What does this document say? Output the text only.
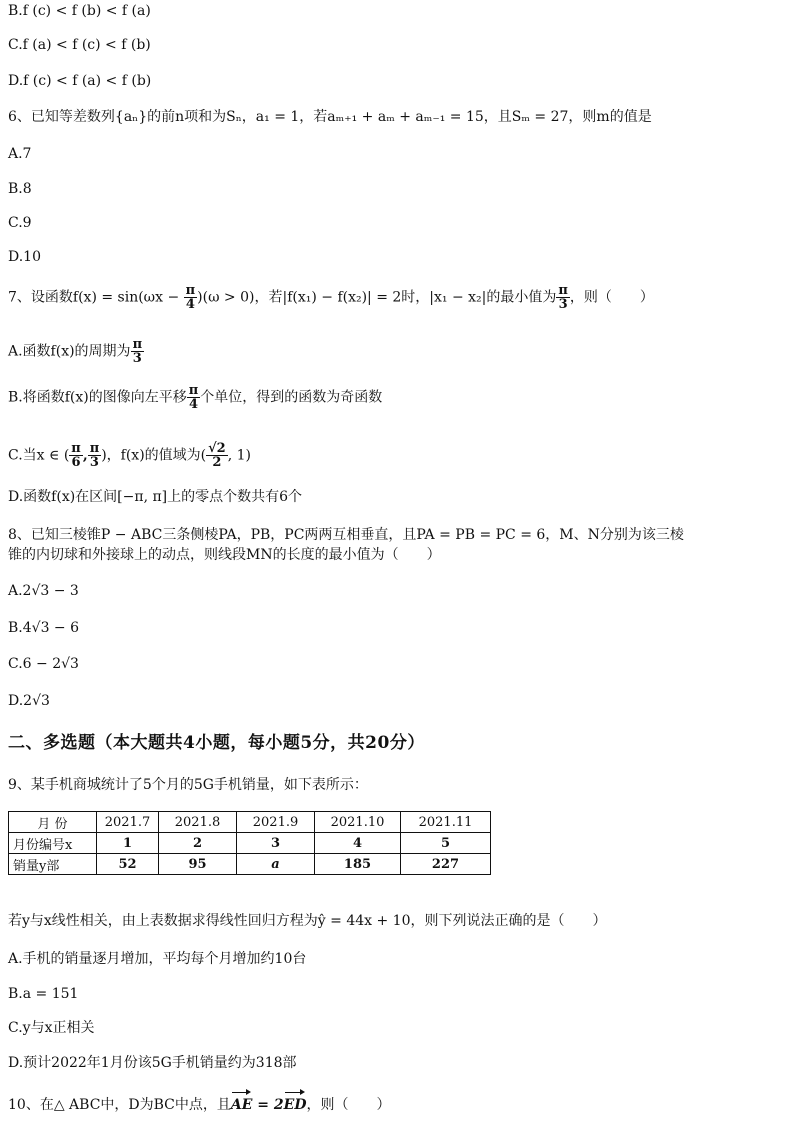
B.f (c) < f (b) < f (a)
C.f (a) < f (c) < f (b)
D.f (c) < f (a) < f (b)
6、已知等差数列{aₙ}的前n项和为Sₙ，a₁ = 1，若aₘ₊₁ + aₘ + aₘ₋₁ = 15，且Sₘ = 27，则m的值是
A.7
B.8
C.9
D.10
7、设函数$f(x) = \sin(\omega x - \frac{\pi}{4} )(\omega > 0)$，若|f(x₁) − f(x₂)| = 2时，|x₁ − x₂|的最小值为 $\frac{\pi}{3}$ ，则（　　）
A.函数f(x)的周期为 $\frac{\pi}{3}$
B.将函数f(x)的图像向左平移 $\frac{\pi}{4}$ 个单位，得到的函数为奇函数
C.当x ∈ ( $\frac{\pi}{6}$ , $\frac{\pi}{3}$ )，f(x)的值域为( $\frac{√2}{2}$ , 1)
D.函数f(x)在区间[−π, π]上的零点个数共有6个
8、已知三棱锥P − ABC三条侧棱PA，PB，PC两两互相垂直，且PA = PB = PC = 6，M、N分别为该三棱
锥的内切球和外接球上的动点，则线段MN的长度的最小值为（　　）
A.2√3 − 3
B.4√3 − 6
C.6 − 2√3
D.2√3
二、多选题（本大题共4小题，每小题5分，共20分）
9、某手机商城统计了5个月的5G手机销量，如下表所示：
月 份	2021.7	2021.8	2021.9	2021.10	2021.11
月份编号x	1	2	3	4	5
销量y部	52	95	a	185	227
若y与x线性相关，由上表数据求得线性回归方程为ŷ = 44x + 10，则下列说法正确的是（　　）
A.手机的销量逐月增加，平均每个月增加约10台
B.a = 151
C.y与x正相关
D.预计2022年1月份该5G手机销量约为318部
10、在△ ABC中，D为BC中点，且AE = 2ED，则（　　）
